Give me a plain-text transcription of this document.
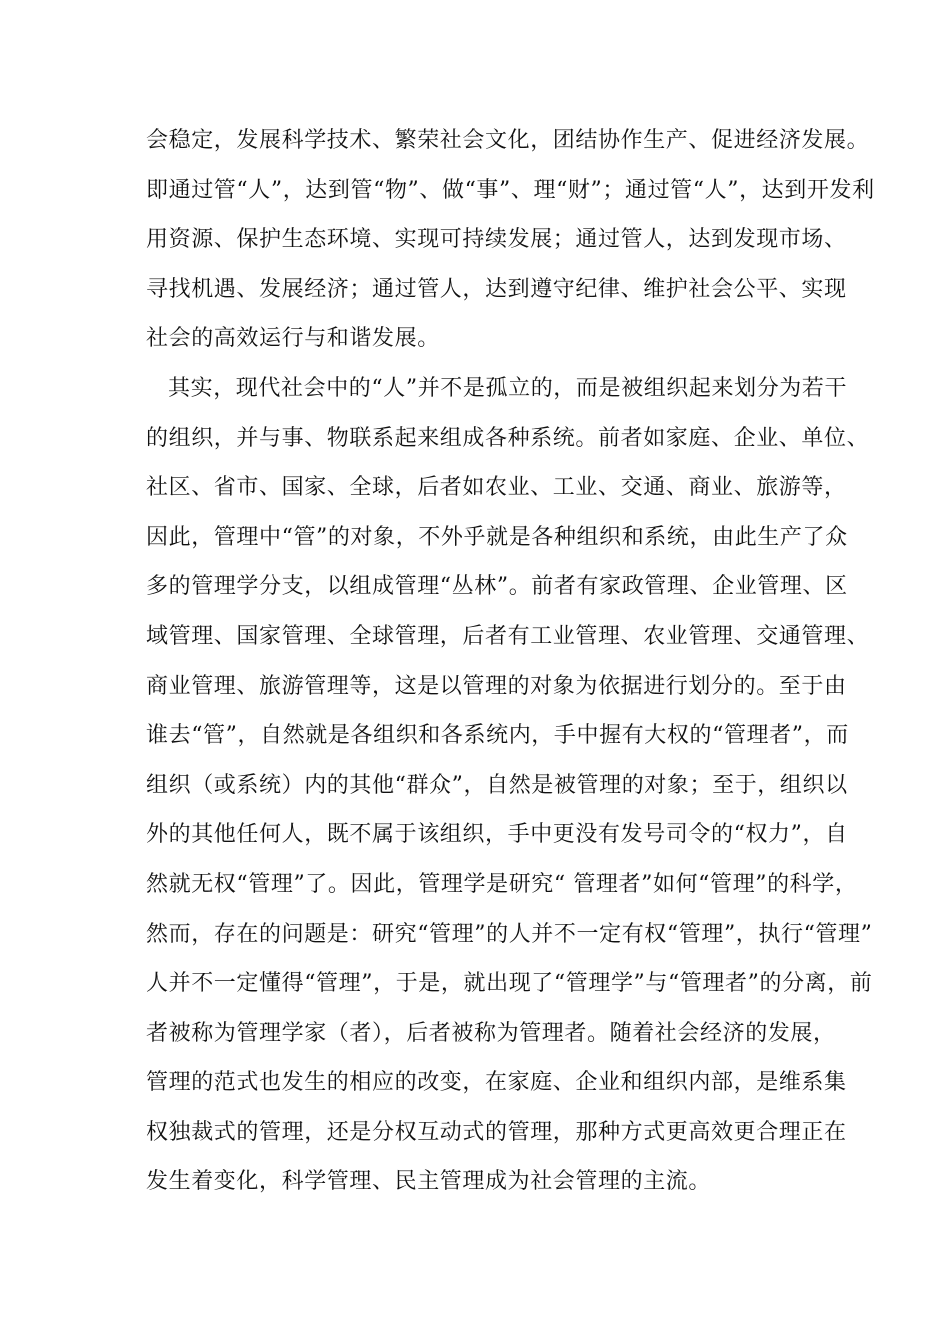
会稳定，发展科学技术、繁荣社会文化，团结协作生产、促进经济发展。
即通过管“人”，达到管“物”、做“事”、理“财”；通过管“人”，达到开发利
用资源、保护生态环境、实现可持续发展；通过管人，达到发现市场、
寻找机遇、发展经济；通过管人，达到遵守纪律、维护社会公平、实现
社会的高效运行与和谐发展。
其实，现代社会中的“人”并不是孤立的，而是被组织起来划分为若干
的组织，并与事、物联系起来组成各种系统。前者如家庭、企业、单位、
社区、省市、国家、全球，后者如农业、工业、交通、商业、旅游等，
因此，管理中“管”的对象，不外乎就是各种组织和系统，由此生产了众
多的管理学分支，以组成管理“丛林”。前者有家政管理、企业管理、区
域管理、国家管理、全球管理，后者有工业管理、农业管理、交通管理、
商业管理、旅游管理等，这是以管理的对象为依据进行划分的。至于由
谁去“管”，自然就是各组织和各系统内，手中握有大权的“管理者”，而
组织（或系统）内的其他“群众”，自然是被管理的对象；至于，组织以
外的其他任何人，既不属于该组织，手中更没有发号司令的“权力”，自
然就无权“管理”了。因此，管理学是研究“ 管理者”如何“管理”的科学，
然而，存在的问题是：研究“管理”的人并不一定有权“管理”，执行“管理”
人并不一定懂得“管理”，于是，就出现了“管理学”与“管理者”的分离，前
者被称为管理学家（者），后者被称为管理者。随着社会经济的发展，
管理的范式也发生的相应的改变，在家庭、企业和组织内部，是维系集
权独裁式的管理，还是分权互动式的管理，那种方式更高效更合理正在
发生着变化，科学管理、民主管理成为社会管理的主流。
